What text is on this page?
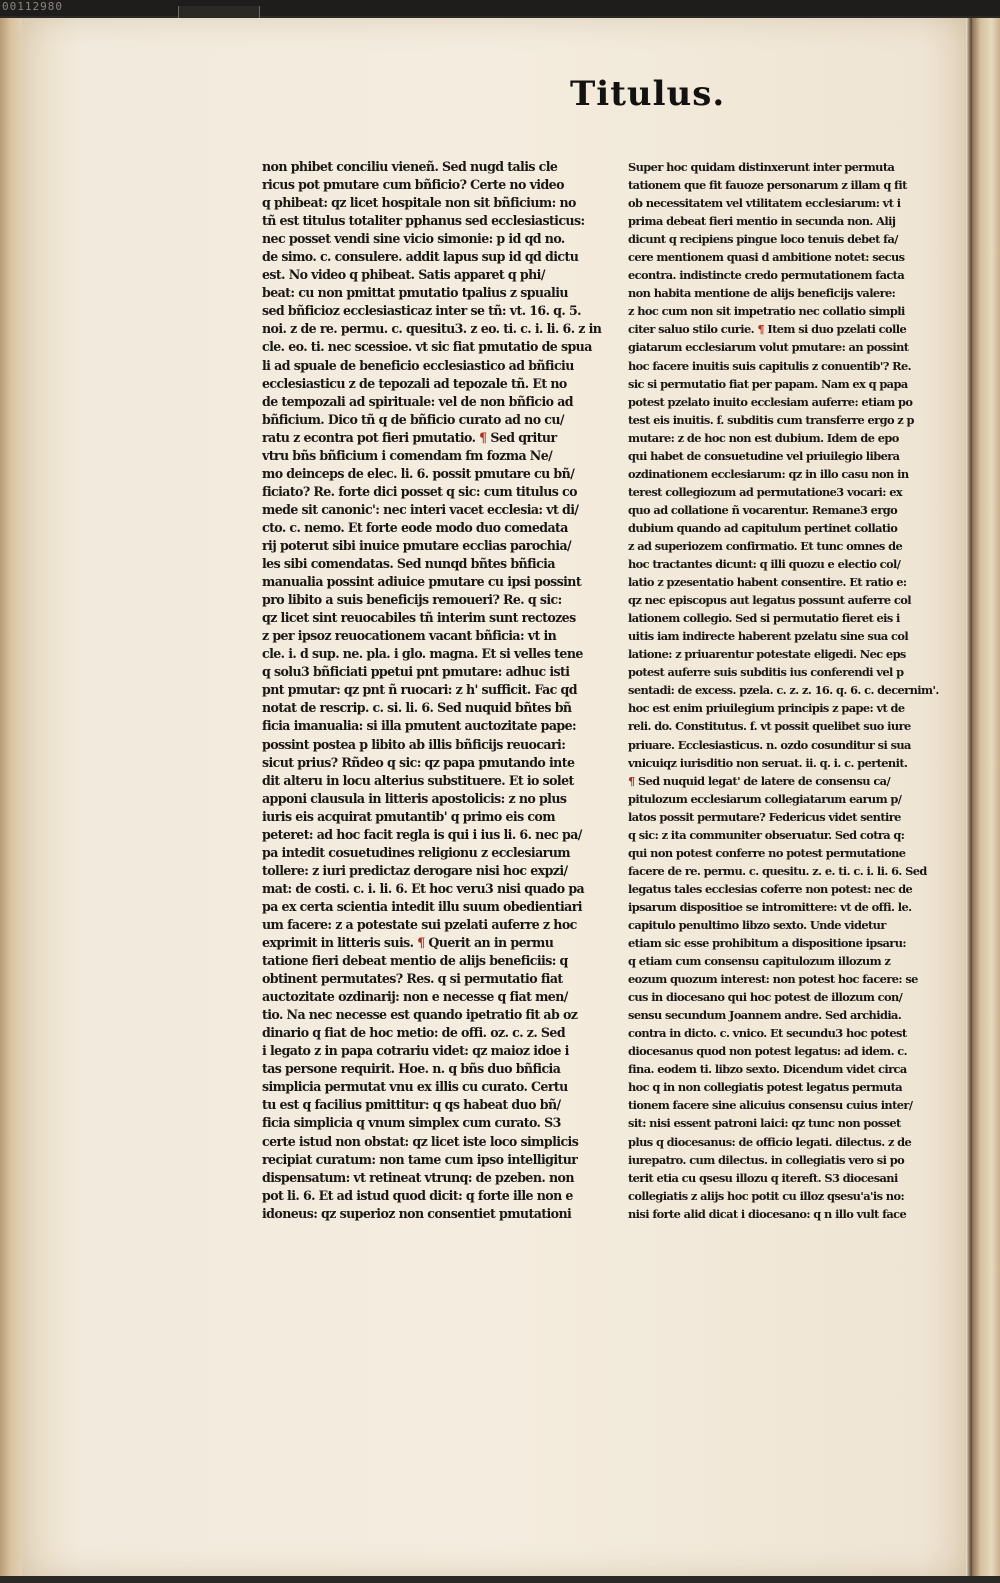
00112980
Titulus.
non phibet conciliu vieneñ. Sed nugd talis cle
ricus pot pmutare cum bñficio? Certe no video
q phibeat: qz licet hospitale non sit bñficium: no
tñ est titulus totaliter pphanus sed ecclesiasticus:
nec posset vendi sine vicio simonie: p id qd no.
de simo. c. consulere. addit lapus sup id qd dictu
est. No video q phibeat. Satis apparet q phi/
beat: cu non pmittat pmutatio tpalius z spualiu
sed bñficioz ecclesiasticaz inter se tñ: vt. 16. q. 5.
noi. z de re. permu. c. quesitu3. z eo. ti. c. i. li. 6. z in
cle. eo. ti. nec scessioe. vt sic fiat pmutatio de spua
li ad spuale de beneficio ecclesiastico ad bñficiu
ecclesiasticu z de tepozali ad tepozale tñ. Et no
de tempozali ad spirituale: vel de non bñficio ad
bñficium. Dico tñ q de bñficio curato ad no cu/
ratu z econtra pot fieri pmutatio. ¶ Sed qritur
vtru bñs bñficium i comendam fm fozma Ne/
mo deinceps de elec. li. 6. possit pmutare cu bñ/
ficiato? Re. forte dici posset q sic: cum titulus co
mede sit canonic': nec interi vacet ecclesia: vt di/
cto. c. nemo. Et forte eode modo duo comedata
rij poterut sibi inuice pmutare ecclias parochia/
les sibi comendatas. Sed nunqd bñtes bñficia
manualia possint adiuice pmutare cu ipsi possint
pro libito a suis beneficijs remoueri? Re. q sic:
qz licet sint reuocabiles tñ interim sunt rectozes
z per ipsoz reuocationem vacant bñficia: vt in
cle. i. d sup. ne. pla. i glo. magna. Et si velles tene
q solu3 bñficiati ppetui pnt pmutare: adhuc isti
pnt pmutar: qz pnt ñ ruocari: z h' sufficit. Fac qd
notat de rescrip. c. si. li. 6. Sed nuquid bñtes bñ
ficia imanualia: si illa pmutent auctozitate pape:
possint postea p libito ab illis bñficijs reuocari:
sicut prius? Rñdeo q sic: qz papa pmutando inte
dit alteru in locu alterius substituere. Et io solet
apponi clausula in litteris apostolicis: z no plus
iuris eis acquirat pmutantib' q primo eis com
peteret: ad hoc facit regla is qui i ius li. 6. nec pa/
pa intedit cosuetudines religionu z ecclesiarum
tollere: z iuri predictaz derogare nisi hoc expzi/
mat: de costi. c. i. li. 6. Et hoc veru3 nisi quado pa
pa ex certa scientia intedit illu suum obedientiari
um facere: z a potestate sui pzelati auferre z hoc
exprimit in litteris suis. ¶ Querit an in permu
tatione fieri debeat mentio de alijs beneficiis: q
obtinent permutates? Res. q si permutatio fiat
auctozitate ozdinarij: non e necesse q fiat men/
tio. Na nec necesse est quando ipetratio fit ab oz
dinario q fiat de hoc metio: de offi. oz. c. z. Sed
i legato z in papa cotrariu videt: qz maioz idoe i
tas persone requirit. Hoe. n. q bñs duo bñficia
simplicia permutat vnu ex illis cu curato. Certu
tu est q facilius pmittitur: q qs habeat duo bñ/
ficia simplicia q vnum simplex cum curato. S3
certe istud non obstat: qz licet iste loco simplicis
recipiat curatum: non tame cum ipso intelligitur
dispensatum: vt retineat vtrunq: de pzeben. non
pot li. 6. Et ad istud quod dicit: q forte ille non e
idoneus: qz superioz non consentiet pmutationi
Super hoc quidam distinxerunt inter permuta
tationem que fit fauoze personarum z illam q fit
ob necessitatem vel vtilitatem ecclesiarum: vt i
prima debeat fieri mentio in secunda non. Alij
dicunt q recipiens pingue loco tenuis debet fa/
cere mentionem quasi d ambitione notet: secus
econtra. indistincte credo permutationem facta
non habita mentione de alijs beneficijs valere:
z hoc cum non sit impetratio nec collatio simpli
citer saluo stilo curie. ¶ Item si duo pzelati colle
giatarum ecclesiarum volut pmutare: an possint
hoc facere inuitis suis capitulis z conuentib'? Re.
sic si permutatio fiat per papam. Nam ex q papa
potest pzelato inuito ecclesiam auferre: etiam po
test eis inuitis. f. subditis cum transferre ergo z p
mutare: z de hoc non est dubium. Idem de epo
qui habet de consuetudine vel priuilegio libera
ozdinationem ecclesiarum: qz in illo casu non in
terest collegiozum ad permutatione3 vocari: ex
quo ad collatione ñ vocarentur. Remane3 ergo
dubium quando ad capitulum pertinet collatio
z ad superiozem confirmatio. Et tunc omnes de
hoc tractantes dicunt: q illi quozu e electio col/
latio z pzesentatio habent consentire. Et ratio e:
qz nec episcopus aut legatus possunt auferre col
lationem collegio. Sed si permutatio fieret eis i
uitis iam indirecte haberent pzelatu sine sua col
latione: z priuarentur potestate eligedi. Nec eps
potest auferre suis subditis ius conferendi vel p
sentadi: de excess. pzela. c. z. z. 16. q. 6. c. decernim'.
hoc est enim priuilegium principis z pape: vt de
reli. do. Constitutus. f. vt possit quelibet suo iure
priuare. Ecclesiasticus. n. ozdo cosunditur si sua
vnicuiqz iurisditio non seruat. ii. q. i. c. pertenit.
¶ Sed nuquid legat' de latere de consensu ca/
pitulozum ecclesiarum collegiatarum earum p/
latos possit permutare? Federicus videt sentire
q sic: z ita communiter obseruatur. Sed cotra q:
qui non potest conferre no potest permutatione
facere de re. permu. c. quesitu. z. e. ti. c. i. li. 6. Sed
legatus tales ecclesias coferre non potest: nec de
ipsarum dispositioe se intromittere: vt de offi. le.
capitulo penultimo libzo sexto. Unde videtur
etiam sic esse prohibitum a dispositione ipsaru:
q etiam cum consensu capitulozum illozum z
eozum quozum interest: non potest hoc facere: se
cus in diocesano qui hoc potest de illozum con/
sensu secundum Joannem andre. Sed archidia.
contra in dicto. c. vnico. Et secundu3 hoc potest
diocesanus quod non potest legatus: ad idem. c.
fina. eodem ti. libzo sexto. Dicendum videt circa
hoc q in non collegiatis potest legatus permuta
tionem facere sine alicuius consensu cuius inter/
sit: nisi essent patroni laici: qz tunc non posset
plus q diocesanus: de officio legati. dilectus. z de
iurepatro. cum dilectus. in collegiatis vero si po
terit etia cu qsesu illozu q itereft. S3 diocesani
collegiatis z alijs hoc potit cu illoz qsesu'a'is no:
nisi forte alid dicat i diocesano: q n illo vult face
